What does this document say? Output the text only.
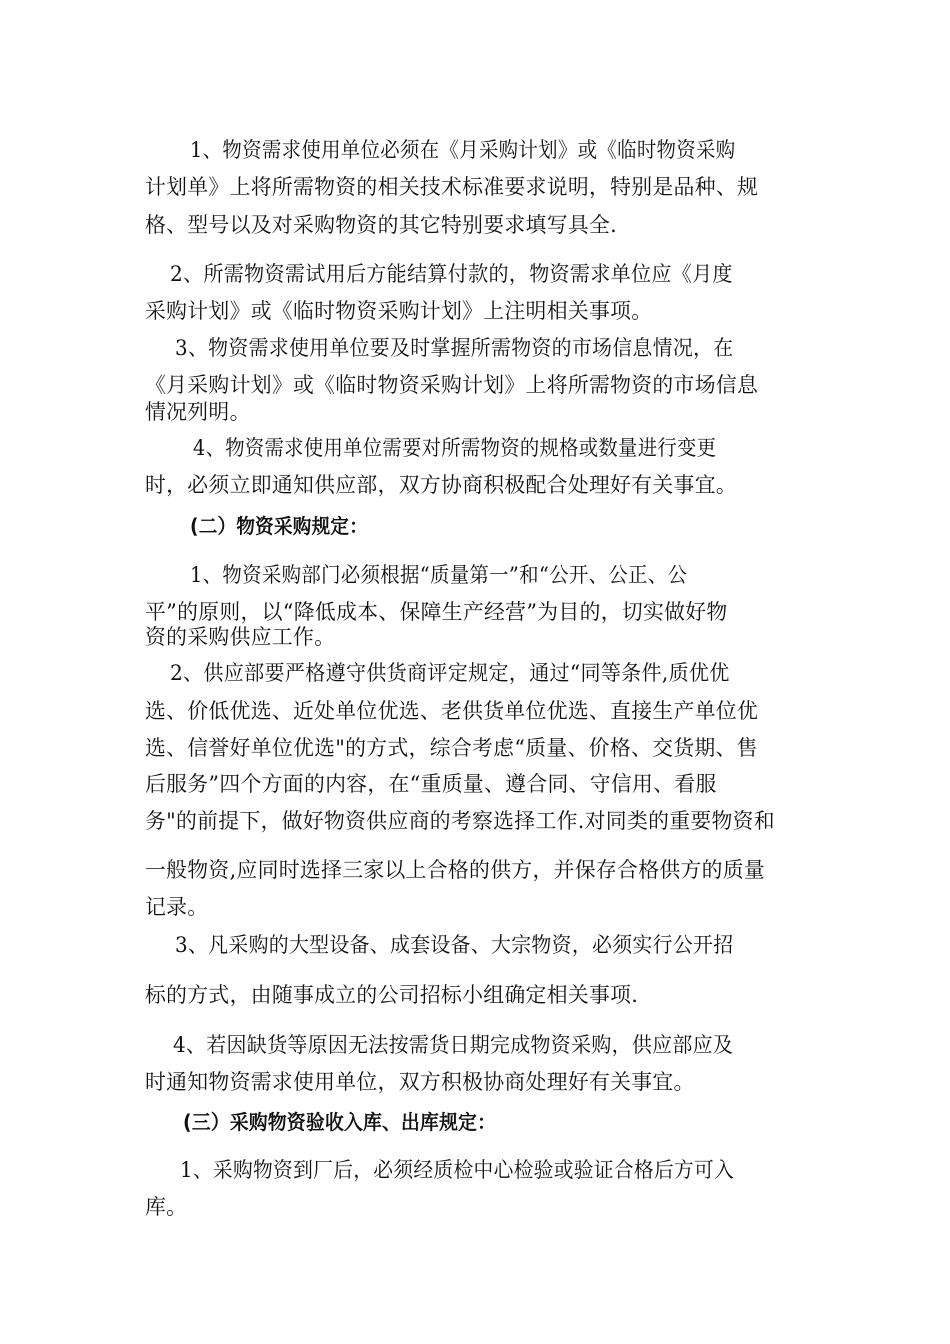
1、物资需求使用单位必须在《月采购计划》或《临时物资采购
计划单》上将所需物资的相关技术标准要求说明，特别是品种、规
格、型号以及对采购物资的其它特别要求填写具全.
2、所需物资需试用后方能结算付款的，物资需求单位应《月度
采购计划》或《临时物资采购计划》上注明相关事项。
3、物资需求使用单位要及时掌握所需物资的市场信息情况，在
《月采购计划》或《临时物资采购计划》上将所需物资的市场信息
情况列明。
4、物资需求使用单位需要对所需物资的规格或数量进行变更
时，必须立即通知供应部，双方协商积极配合处理好有关事宜。
(二）物资采购规定：
1、物资采购部门必须根据“质量第一”和“公开、公正、公
平”的原则，以“降低成本、保障生产经营”为目的，切实做好物
资的采购供应工作。
2、供应部要严格遵守供货商评定规定，通过“同等条件,质优优
选、价低优选、近处单位优选、老供货单位优选、直接生产单位优
选、信誉好单位优选"的方式，综合考虑“质量、价格、交货期、售
后服务”四个方面的内容，在“重质量、遵合同、守信用、看服
务"的前提下，做好物资供应商的考察选择工作.对同类的重要物资和
一般物资,应同时选择三家以上合格的供方，并保存合格供方的质量
记录。
3、凡采购的大型设备、成套设备、大宗物资，必须实行公开招
标的方式，由随事成立的公司招标小组确定相关事项.
4、若因缺货等原因无法按需货日期完成物资采购，供应部应及
时通知物资需求使用单位，双方积极协商处理好有关事宜。
(三）采购物资验收入库、出库规定：
1、采购物资到厂后，必须经质检中心检验或验证合格后方可入
库。
